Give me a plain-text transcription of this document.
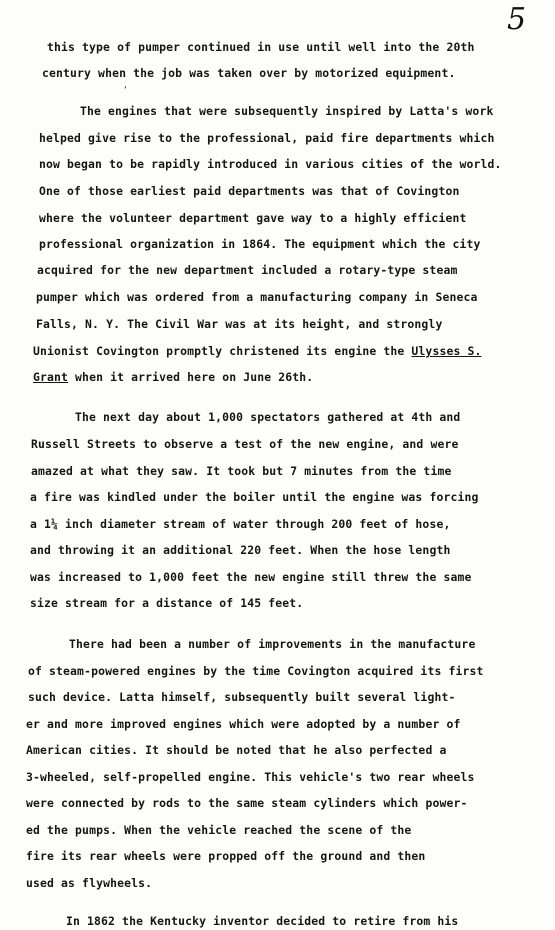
5
this type of pumper continued in use until well into the 20th
century when the job was taken over by motorized equipment.
ʹ
The engines that were subsequently inspired by Latta's work
helped give rise to the professional, paid fire departments which
now began to be rapidly introduced in various cities of the world.
One of those earliest paid departments was that of Covington
where the volunteer department gave way to a highly efficient
professional organization in 1864. The equipment which the city
acquired for the new department included a rotary-type steam
pumper which was ordered from a manufacturing company in Seneca
Falls, N. Y. The Civil War was at its height, and strongly
Unionist Covington promptly christened its engine the Ulysses S.
Grant when it arrived here on June 26th.
The next day about 1,000 spectators gathered at 4th and
Russell Streets to observe a test of the new engine, and were
amazed at what they saw. It took but 7 minutes from the time
a fire was kindled under the boiler until the engine was forcing
a 1¼ inch diameter stream of water through 200 feet of hose,
and throwing it an additional 220 feet. When the hose length
was increased to 1,000 feet the new engine still threw the same
size stream for a distance of 145 feet.
There had been a number of improvements in the manufacture
of steam-powered engines by the time Covington acquired its first
such device. Latta himself, subsequently built several light-
er and more improved engines which were adopted by a number of
American cities. It should be noted that he also perfected a
3-wheeled, self-propelled engine. This vehicle's two rear wheels
were connected by rods to the same steam cylinders which power-
ed the pumps. When the vehicle reached the scene of the
fire its rear wheels were propped off the ground and then
used as flywheels.
In 1862 the Kentucky inventor decided to retire from his
